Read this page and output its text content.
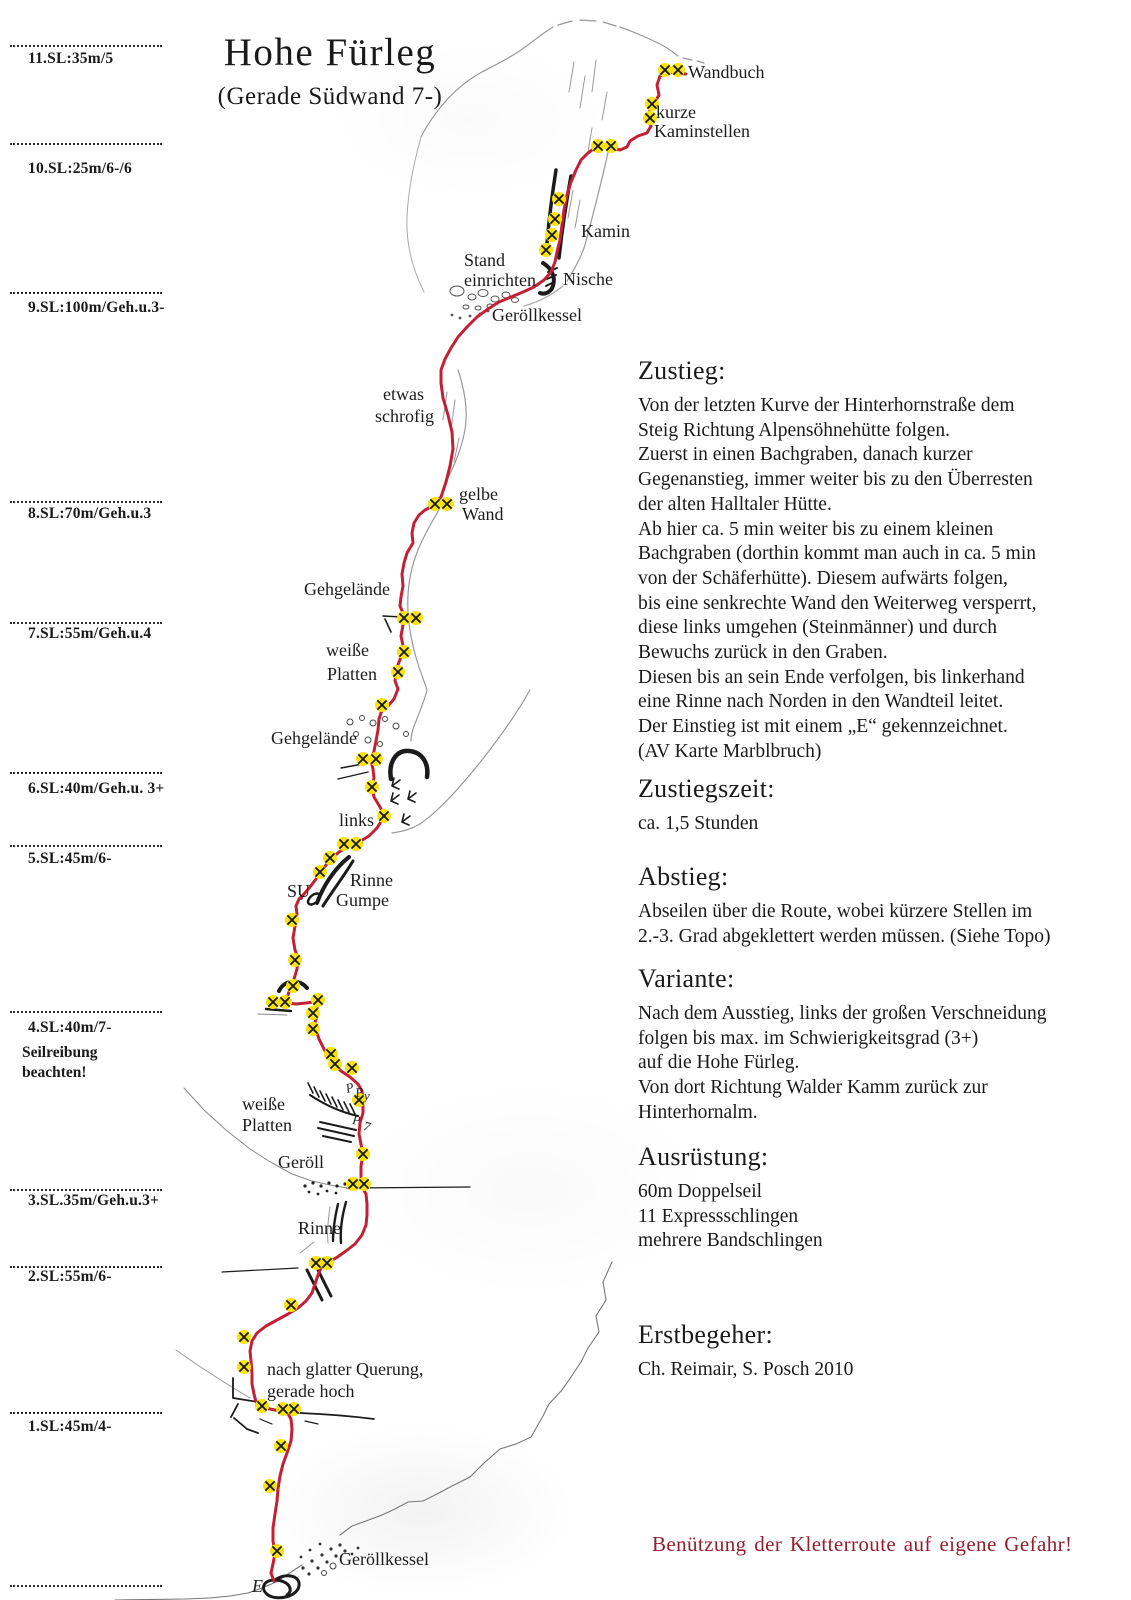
Wandbuch
kurze
Kaminstellen
Kamin
Stand
einrichten Nische
Geröllkessel
etwas
schrofig
gelbe
Wand
Gehgelände
weiße
Platten
Gehgelände
links
Rinne
SU Gumpe
weiße
Platten
Geröll
Rinne
nach glatter Querung,
gerade hoch
Geröllkessel
E
P
P y
P 7
Hohe Fürleg
(Gerade Südwand 7-)
11.SL:35m/5
10.SL:25m/6-/6
9.SL:100m/Geh.u.3-
8.SL:70m/Geh.u.3
7.SL:55m/Geh.u.4
6.SL:40m/Geh.u. 3+
5.SL:45m/6-
4.SL:40m/7-
Seilreibung
beachten!
3.SL.35m/Geh.u.3+
2.SL:55m/6-
1.SL:45m/4-
Zustieg:
Von der letzten Kurve der Hinterhornstraße dem
Steig Richtung Alpensöhnehütte folgen.
Zuerst in einen Bachgraben, danach kurzer
Gegenanstieg, immer weiter bis zu den Überresten
der alten Halltaler Hütte.
Ab hier ca. 5 min weiter bis zu einem kleinen
Bachgraben (dorthin kommt man auch in ca. 5 min
von der Schäferhütte). Diesem aufwärts folgen,
bis eine senkrechte Wand den Weiterweg versperrt,
diese links umgehen (Steinmänner) und durch
Bewuchs zurück in den Graben.
Diesen bis an sein Ende verfolgen, bis linkerhand
eine Rinne nach Norden in den Wandteil leitet.
Der Einstieg ist mit einem „E“ gekennzeichnet.
(AV Karte Marblbruch)
Zustiegszeit:
ca. 1,5 Stunden
Abstieg:
Abseilen über die Route, wobei kürzere Stellen im
2.-3. Grad abgeklettert werden müssen. (Siehe Topo)
Variante:
Nach dem Ausstieg, links der großen Verschneidung
folgen bis max. im Schwierigkeitsgrad (3+)
auf die Hohe Fürleg.
Von dort Richtung Walder Kamm zurück zur
Hinterhornalm.
Ausrüstung:
60m Doppelseil
11 Expressschlingen
mehrere Bandschlingen
Erstbegeher:
Ch. Reimair, S. Posch 2010
Benützung der Kletterroute auf eigene Gefahr!
